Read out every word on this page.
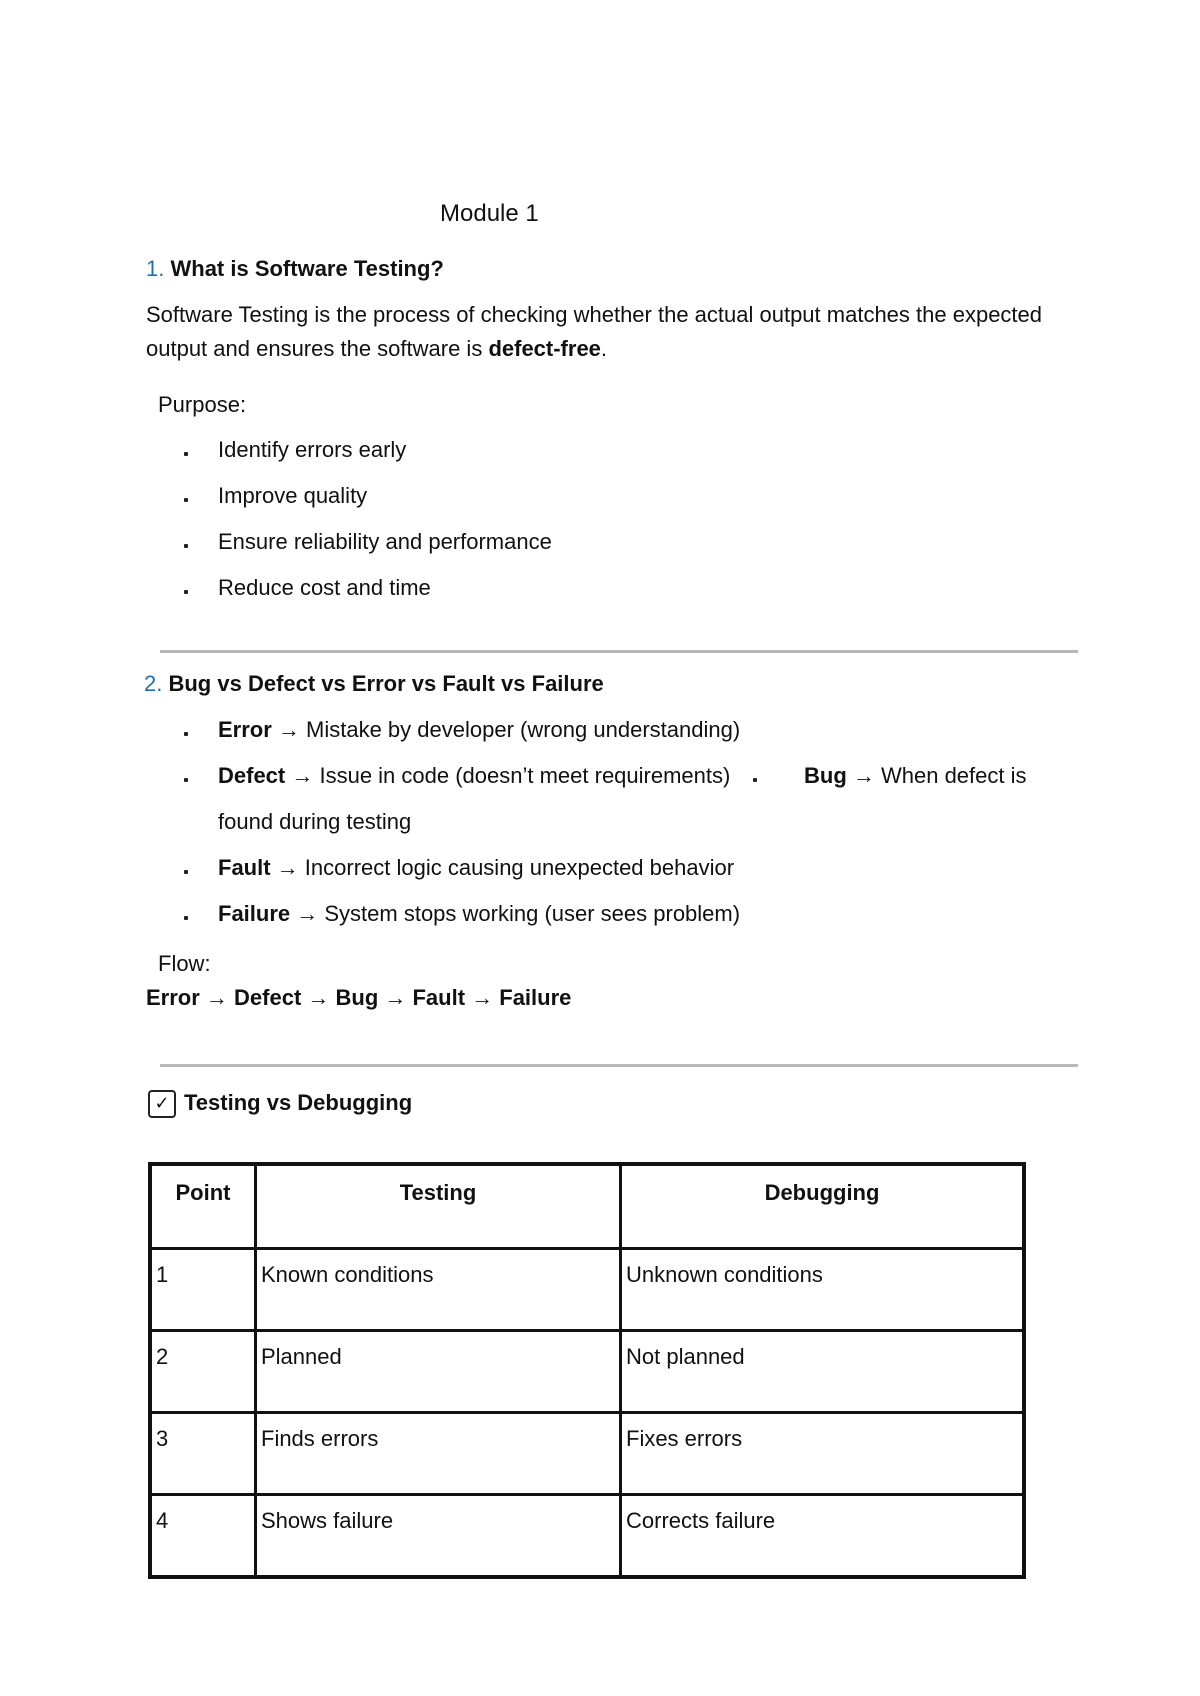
Module 1
1. What is Software Testing?
Software Testing is the process of checking whether the actual output matches the expected output and ensures the software is defect-free.
Purpose:
Identify errors early
Improve quality
Ensure reliability and performance
Reduce cost and time
2. Bug vs Defect vs Error vs Fault vs Failure
Error → Mistake by developer (wrong understanding)
Defect → Issue in code (doesn’t meet requirements)	Bug → When defect is
found during testing
Fault → Incorrect logic causing unexpected behavior
Failure → System stops working (user sees problem)
Flow:
Error → Defect → Bug → Fault → Failure
✓ Testing vs Debugging
Point	Testing	Debugging
1	Known conditions	Unknown conditions
2	Planned	Not planned
3	Finds errors	Fixes errors
4	Shows failure	Corrects failure
